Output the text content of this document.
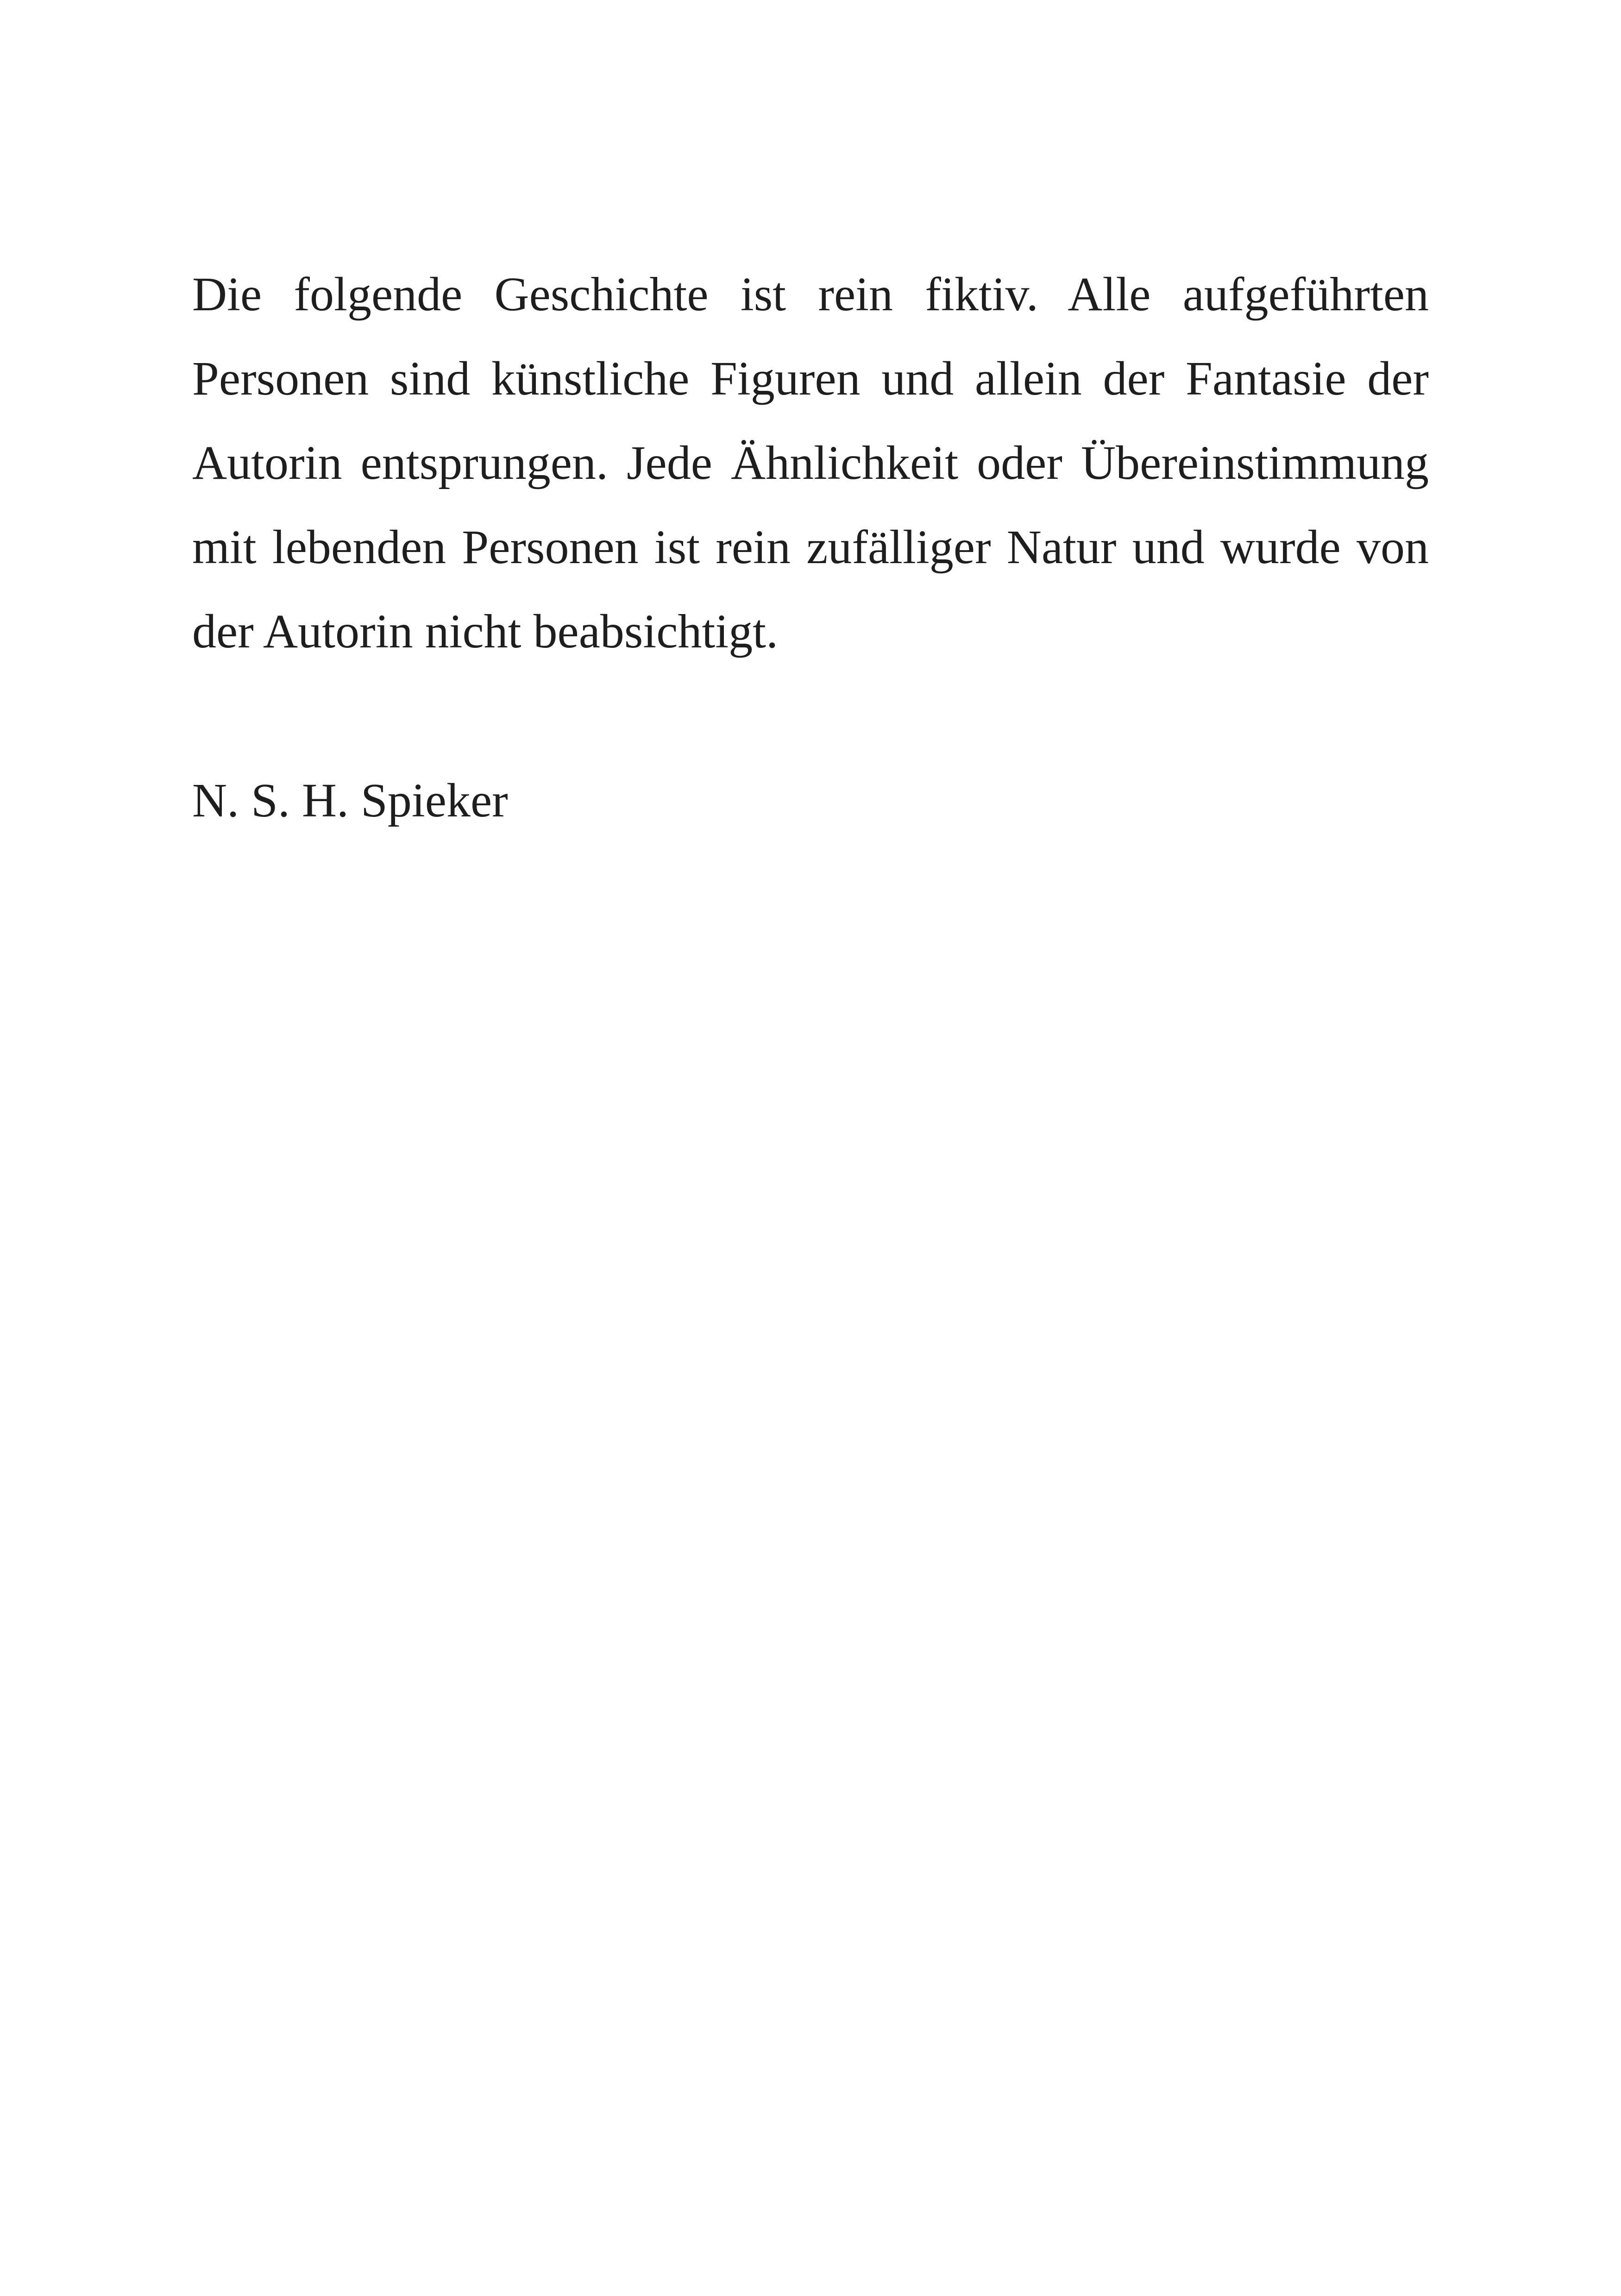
Die folgende Geschichte ist rein fiktiv. Alle aufgeführten Personen sind künstliche Figuren und allein der Fantasie der Autorin entsprungen. Jede Ähnlichkeit oder Übereinstimmung mit lebenden Personen ist rein zufälliger Natur und wurde von der Autorin nicht beabsichtigt.

N. S. H. Spieker
